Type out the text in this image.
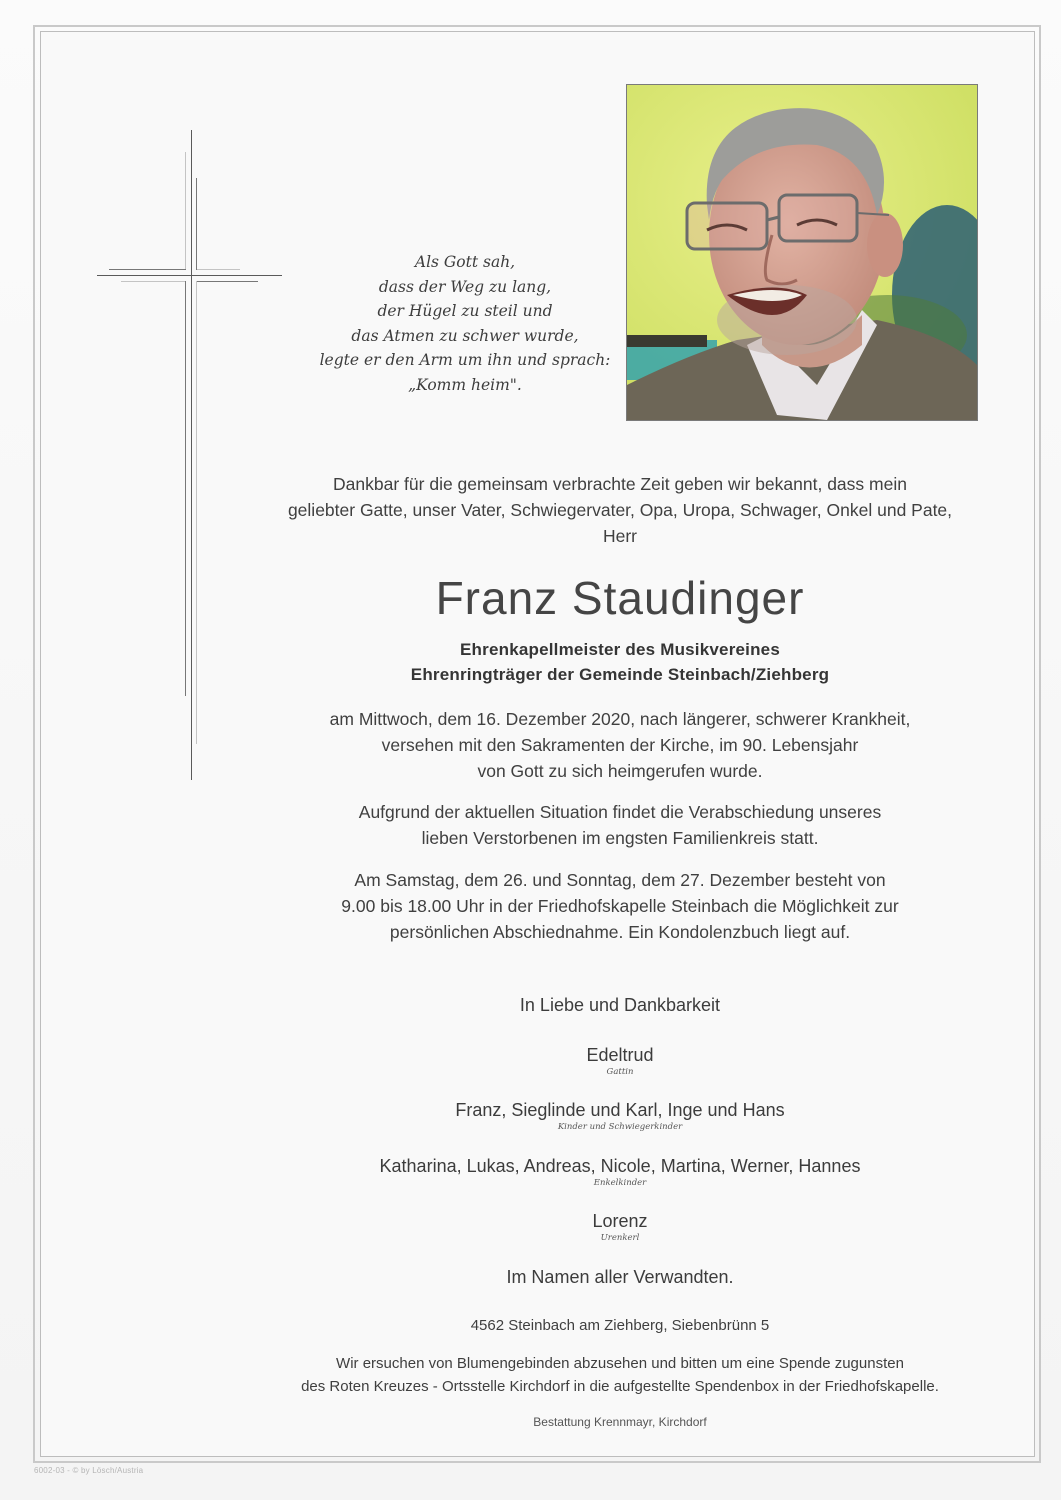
Als Gott sah,
dass der Weg zu lang,
der Hügel zu steil und
das Atmen zu schwer wurde,
legte er den Arm um ihn und sprach:
„Komm heim".
Dankbar für die gemeinsam verbrachte Zeit geben wir bekannt, dass mein
geliebter Gatte, unser Vater, Schwiegervater, Opa, Uropa, Schwager, Onkel und Pate,
Herr
Franz Staudinger
Ehrenkapellmeister des Musikvereines
Ehrenringträger der Gemeinde Steinbach/Ziehberg
am Mittwoch, dem 16. Dezember 2020, nach längerer, schwerer Krankheit,
versehen mit den Sakramenten der Kirche, im 90. Lebensjahr
von Gott zu sich heimgerufen wurde.
Aufgrund der aktuellen Situation findet die Verabschiedung unseres
lieben Verstorbenen im engsten Familienkreis statt.
Am Samstag, dem 26. und Sonntag, dem 27. Dezember besteht von
9.00 bis 18.00 Uhr in der Friedhofskapelle Steinbach die Möglichkeit zur
persönlichen Abschiednahme. Ein Kondolenzbuch liegt auf.
In Liebe und Dankbarkeit
Edeltrud
Gattin
Franz, Sieglinde und Karl, Inge und Hans
Kinder und Schwiegerkinder
Katharina, Lukas, Andreas, Nicole, Martina, Werner, Hannes
Enkelkinder
Lorenz
Urenkerl
Im Namen aller Verwandten.
4562 Steinbach am Ziehberg, Siebenbrünn 5
Wir ersuchen von Blumengebinden abzusehen und bitten um eine Spende zugunsten
des Roten Kreuzes - Ortsstelle Kirchdorf in die aufgestellte Spendenbox in der Friedhofskapelle.
Bestattung Krennmayr, Kirchdorf
6002-03 - © by Lösch/Austria
